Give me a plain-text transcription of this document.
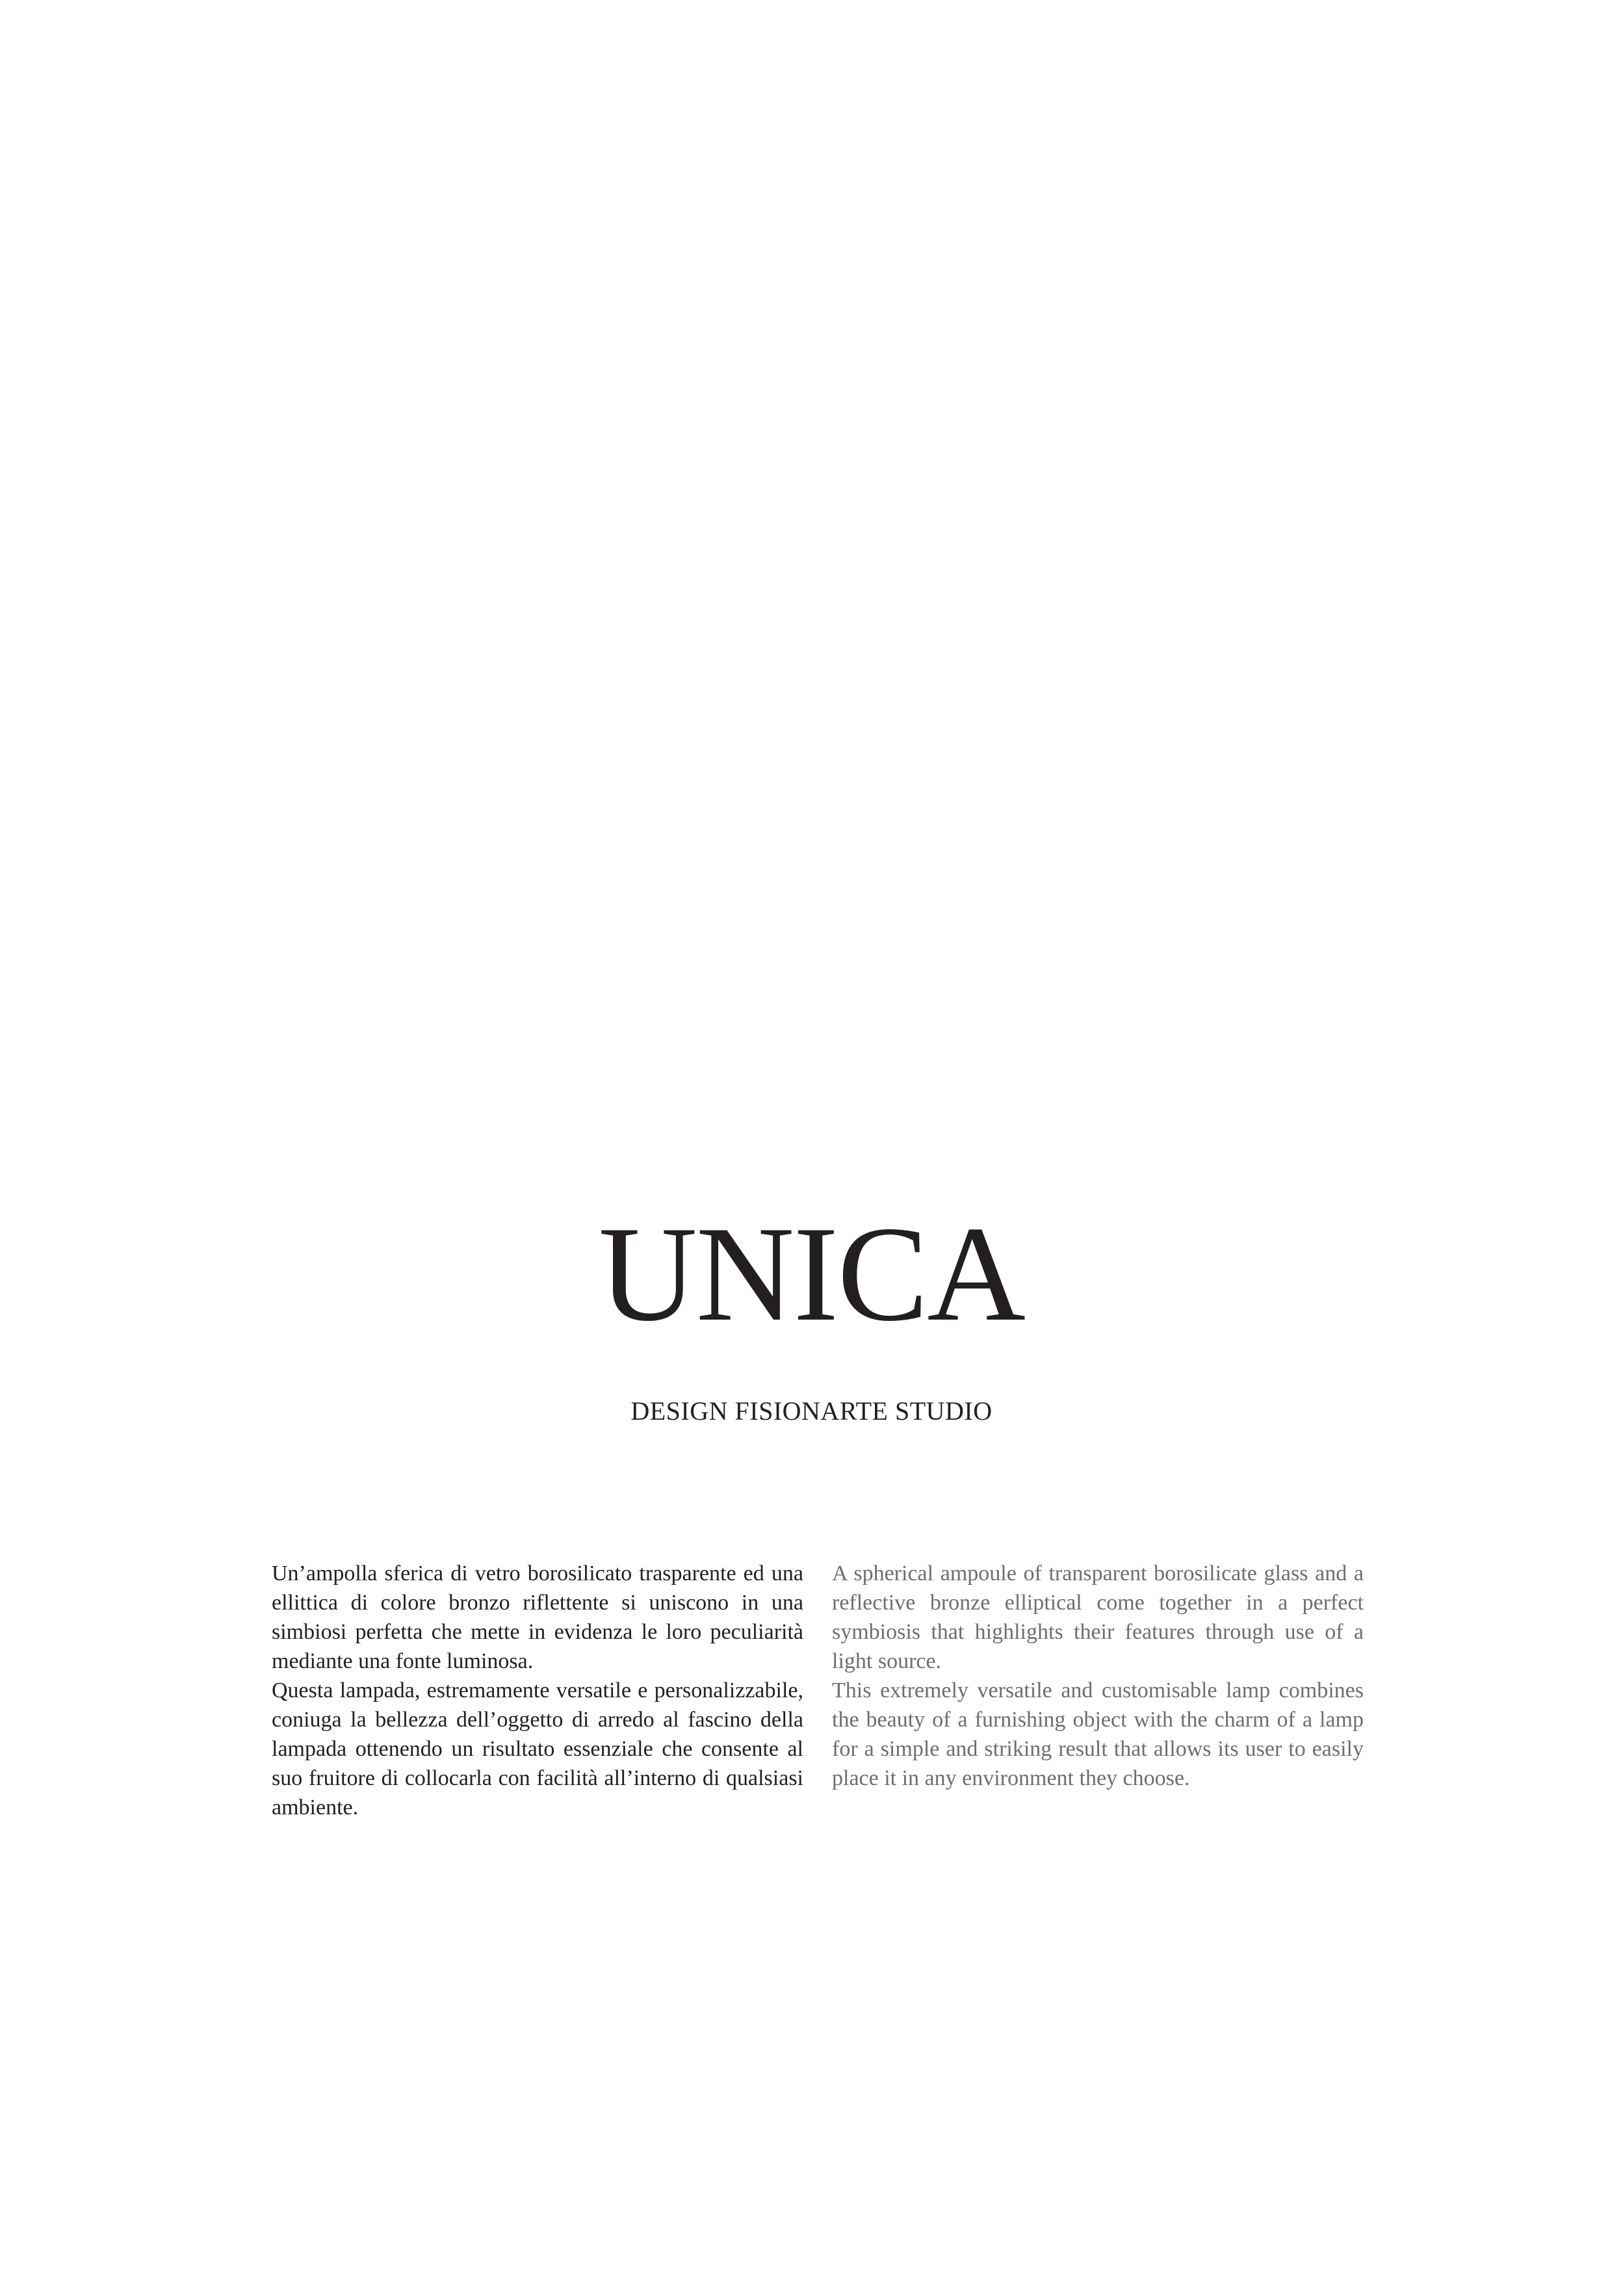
UNICA
DESIGN FISIONARTE STUDIO

Un’ampolla sferica di vetro borosilicato trasparente ed una ellittica di colore bronzo riflettente si uniscono in una simbiosi perfetta che mette in evidenza le loro peculiarità mediante una fonte luminosa.

Questa lampada, estremamente versatile e personalizzabile, coniuga la bellezza dell’oggetto di arredo al fascino della lampada ottenendo un risultato essenziale che consente al suo fruitore di collocarla con facilità all’interno di qualsiasi ambiente.

A spherical ampoule of transparent borosilicate glass and a reflective bronze elliptical come together in a perfect symbiosis that highlights their features through use of a light source.

This extremely versatile and customisable lamp combines the beauty of a furnishing object with the charm of a lamp for a simple and striking result that allows its user to easily place it in any environment they choose.
